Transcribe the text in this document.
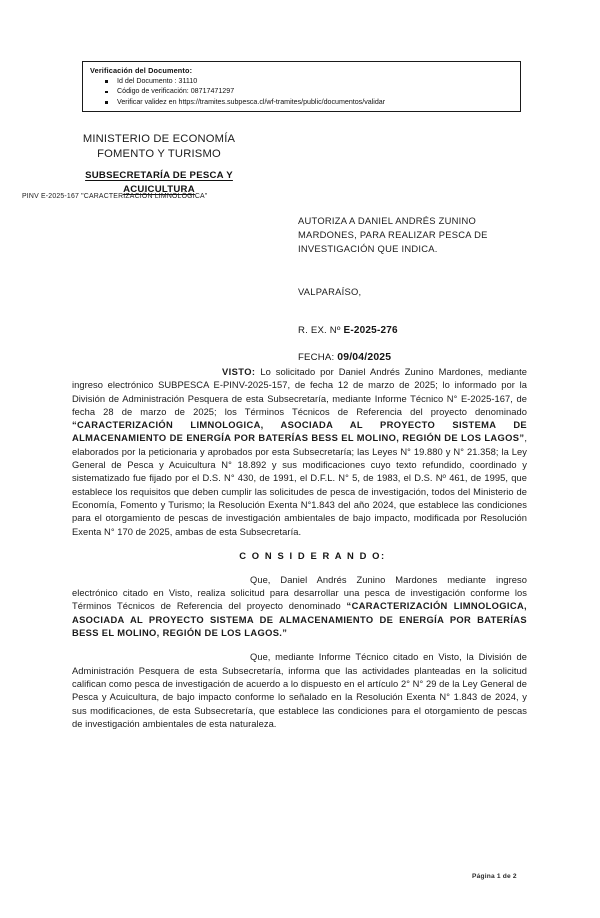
Verificación del Documento:
Id del Documento : 31110
Código de verificación: 08717471297
Verificar validez en https://tramites.subpesca.cl/wf-tramites/public/documentos/validar
MINISTERIO DE ECONOMÍA
FOMENTO Y TURISMO
SUBSECRETARÍA DE PESCA Y
ACUICULTURA
PINV E-2025-167 "CARACTERIZACIÓN LIMNOLÓGICA"
AUTORIZA A DANIEL ANDRÉS ZUNINO MARDONES, PARA REALIZAR PESCA DE INVESTIGACIÓN QUE INDICA.
VALPARAÍSO,
R. EX. Nº E-2025-276
FECHA: 09/04/2025

VISTO: Lo solicitado por Daniel Andrés Zunino Mardones, mediante ingreso electrónico SUBPESCA E-PINV-2025-157, de fecha 12 de marzo de 2025; lo informado por la División de Administración Pesquera de esta Subsecretaría, mediante Informe Técnico N° E-2025-167, de fecha 28 de marzo de 2025; los Términos Técnicos de Referencia del proyecto denominado “CARACTERIZACIÓN LIMNOLOGICA, ASOCIADA AL PROYECTO SISTEMA DE ALMACENAMIENTO DE ENERGÍA POR BATERÍAS BESS EL MOLINO, REGIÓN DE LOS LAGOS”, elaborados por la peticionaria y aprobados por esta Subsecretaría; las Leyes N° 19.880 y N° 21.358; la Ley General de Pesca y Acuicultura N° 18.892 y sus modificaciones cuyo texto refundido, coordinado y sistematizado fue fijado por el D.S. N° 430, de 1991, el D.F.L. N° 5, de 1983, el D.S. Nº 461, de 1995, que establece los requisitos que deben cumplir las solicitudes de pesca de investigación, todos del Ministerio de Economía, Fomento y Turismo; la Resolución Exenta N°1.843 del año 2024, que establece las condiciones para el otorgamiento de pescas de investigación ambientales de bajo impacto, modificada por Resolución Exenta N° 170 de 2025, ambas de esta Subsecretaría.

C O N S I D E R A N D O:

Que, Daniel Andrés Zunino Mardones mediante ingreso electrónico citado en Visto, realiza solicitud para desarrollar una pesca de investigación conforme los Términos Técnicos de Referencia del proyecto denominado “CARACTERIZACIÓN LIMNOLOGICA, ASOCIADA AL PROYECTO SISTEMA DE ALMACENAMIENTO DE ENERGÍA POR BATERÍAS BESS EL MOLINO, REGIÓN DE LOS LAGOS.”

Que, mediante Informe Técnico citado en Visto, la División de Administración Pesquera de esta Subsecretaría, informa que las actividades planteadas en la solicitud califican como pesca de investigación de acuerdo a lo dispuesto en el artículo 2° N° 29 de la Ley General de Pesca y Acuicultura, de bajo impacto conforme lo señalado en la Resolución Exenta N° 1.843 de 2024, y sus modificaciones, de esta Subsecretaría, que establece las condiciones para el otorgamiento de pescas de investigación ambientales de esta naturaleza.

Página 1 de 2
